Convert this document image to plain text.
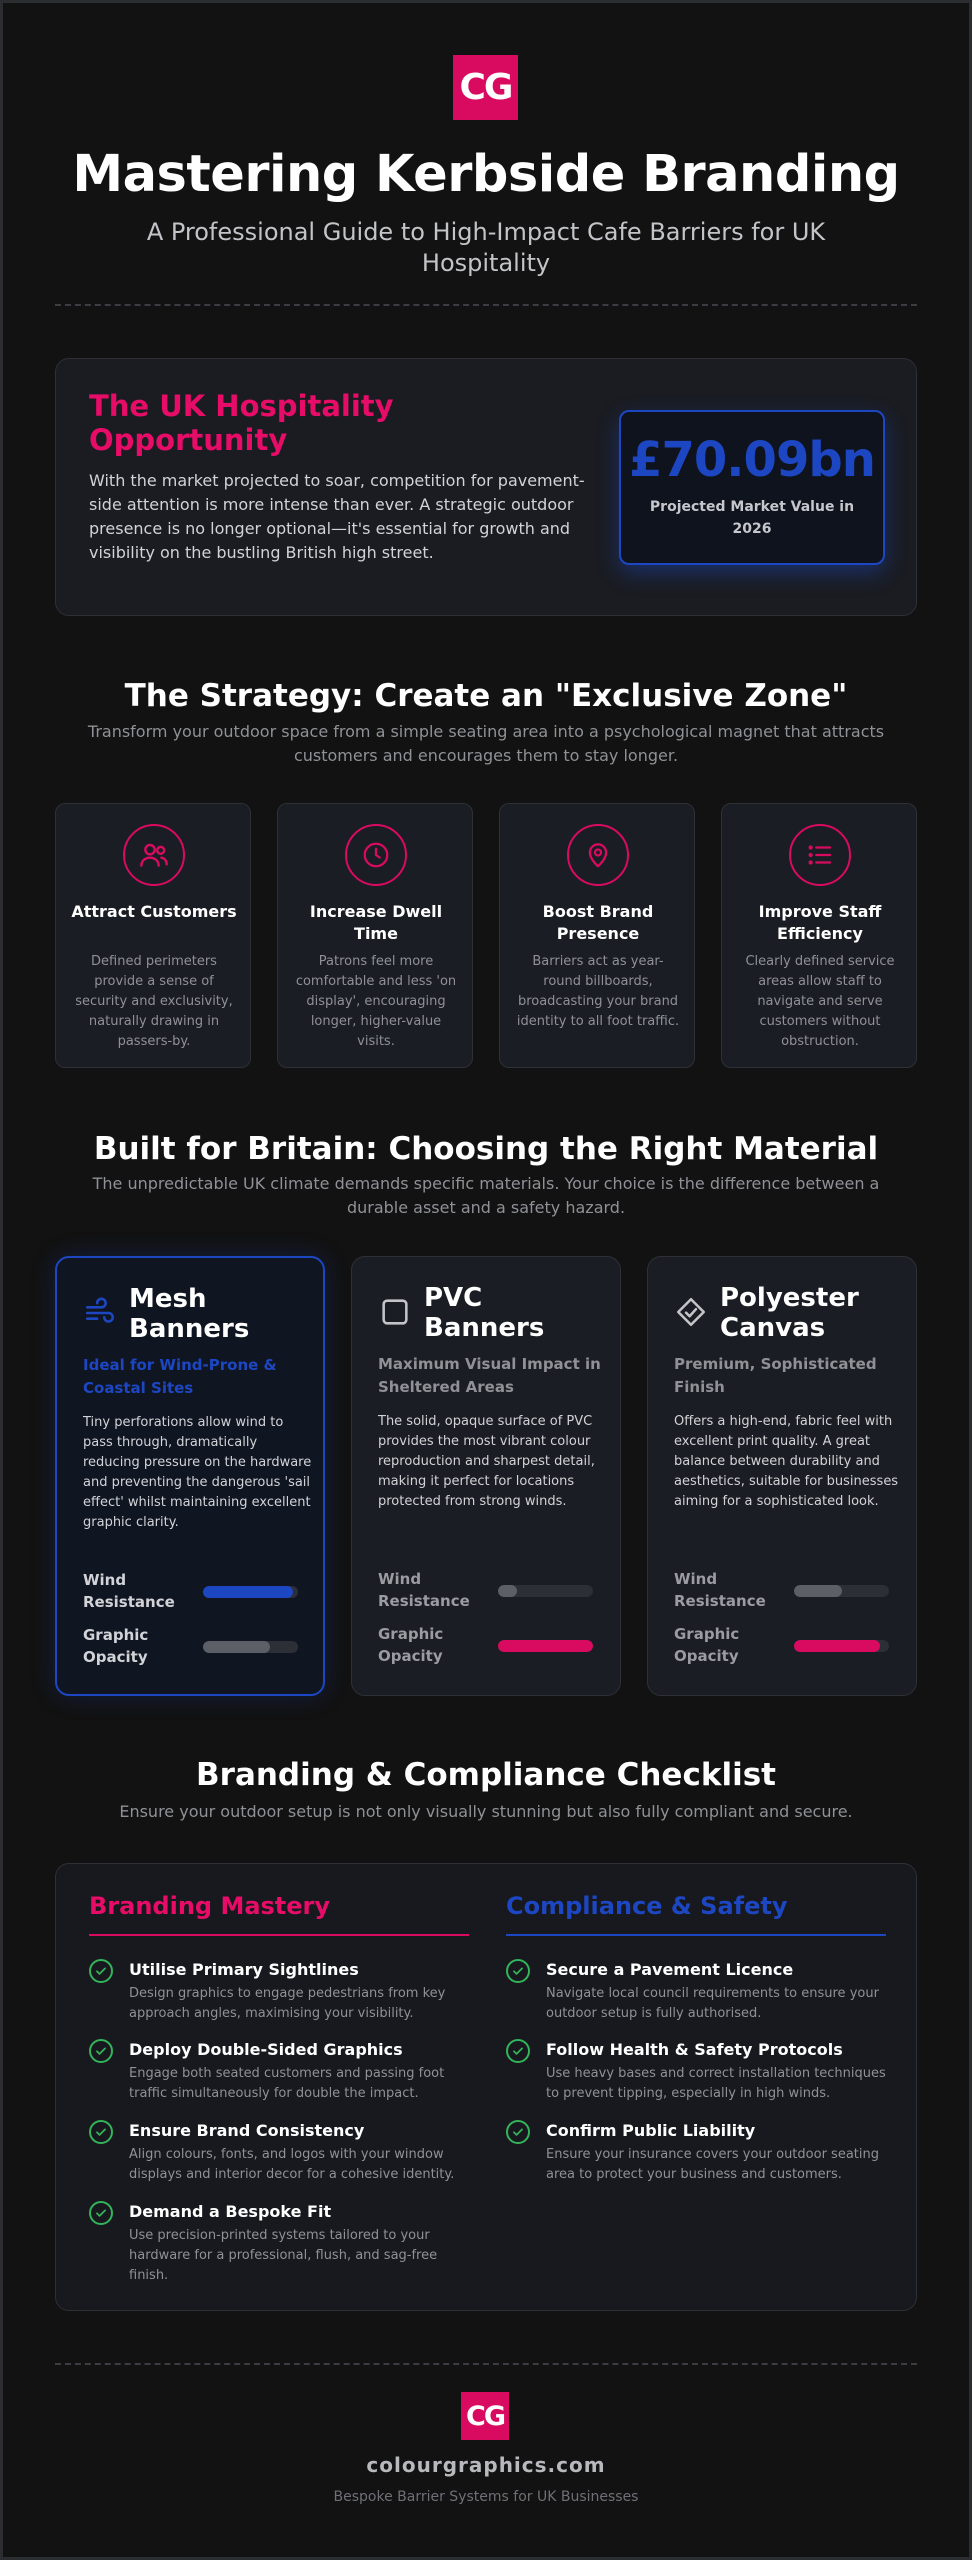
CG
Mastering Kerbside Branding

A Professional Guide to High-Impact Cafe Barriers for UK Hospitality

The UK Hospitality Opportunity

With the market projected to soar, competition for pavement-side attention is more intense than ever. A strategic outdoor presence is no longer optional—it's essential for growth and visibility on the bustling British high street.

£70.09bn
Projected Market Value in 2026
The Strategy: Create an "Exclusive Zone"

Transform your outdoor space from a simple seating area into a psychological magnet that attracts customers and encourages them to stay longer.

Attract Customers
Defined perimeters provide a sense of security and exclusivity, naturally drawing in passers-by.
Increase Dwell Time
Patrons feel more comfortable and less 'on display', encouraging longer, higher-value visits.
Boost Brand Presence
Barriers act as year-round billboards, broadcasting your brand identity to all foot traffic.
Improve Staff Efficiency
Clearly defined service areas allow staff to navigate and serve customers without obstruction.
Built for Britain: Choosing the Right Material

The unpredictable UK climate demands specific materials. Your choice is the difference between a durable asset and a safety hazard.

Mesh Banners
Ideal for Wind-Prone & Coastal Sites
Tiny perforations allow wind to pass through, dramatically reducing pressure on the hardware and preventing the dangerous 'sail effect' whilst maintaining excellent graphic clarity.
Wind Resistance
Graphic Opacity
PVC Banners
Maximum Visual Impact in Sheltered Areas
The solid, opaque surface of PVC provides the most vibrant colour reproduction and sharpest detail, making it perfect for locations protected from strong winds.
Wind Resistance
Graphic Opacity
Polyester Canvas
Premium, Sophisticated Finish
Offers a high-end, fabric feel with excellent print quality. A great balance between durability and aesthetics, suitable for businesses aiming for a sophisticated look.
Wind Resistance
Graphic Opacity
Branding & Compliance Checklist

Ensure your outdoor setup is not only visually stunning but also fully compliant and secure.

Branding Mastery	Compliance & Safety
Utilise Primary Sightlines
Design graphics to engage pedestrians from key approach angles, maximising your visibility.
Deploy Double-Sided Graphics
Engage both seated customers and passing foot traffic simultaneously for double the impact.
Ensure Brand Consistency
Align colours, fonts, and logos with your window displays and interior decor for a cohesive identity.
Demand a Bespoke Fit
Use precision-printed systems tailored to your hardware for a professional, flush, and sag-free finish.
Secure a Pavement Licence
Navigate local council requirements to ensure your outdoor setup is fully authorised.
Follow Health & Safety Protocols
Use heavy bases and correct installation techniques to prevent tipping, especially in high winds.
Confirm Public Liability
Ensure your insurance covers your outdoor seating area to protect your business and customers.
CG
colourgraphics.com
Bespoke Barrier Systems for UK Businesses
